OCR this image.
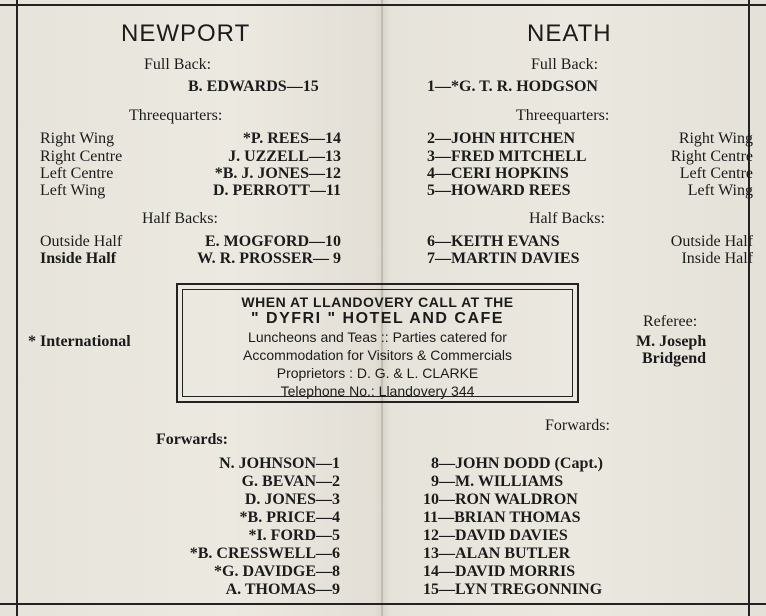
NEWPORT
Full Back:
B. EDWARDS—15
Threequarters:
Right Wing	*P. REES—14
Right Centre	J. UZZELL—13
Left Centre	*B. J. JONES—12
Left Wing	D. PERROTT—11
Half Backs:
Outside Half	E. MOGFORD—10
Inside Half	W. R. PROSSER— 9
* International
Forwards:
N. JOHNSON—1
G. BEVAN—2
D. JONES—3
*B. PRICE—4
*I. FORD—5
*B. CRESSWELL—6
*G. DAVIDGE—8
A. THOMAS—9
NEATH
Full Back:
1—*G. T. R. HODGSON
Threequarters:
2—JOHN HITCHEN	Right Wing
3—FRED MITCHELL	Right Centre
4—CERI HOPKINS	Left Centre
5—HOWARD REES	Left Wing
Half Backs:
6—KEITH EVANS	Outside Half
7—MARTIN DAVIES	Inside Half
Referee:
M. Joseph
Bridgend
Forwards:
8—JOHN DODD (Capt.)
9—M. WILLIAMS
10—RON WALDRON
11—BRIAN THOMAS
12—DAVID DAVIES
13—ALAN BUTLER
14—DAVID MORRIS
15—LYN TREGONNING
WHEN AT LLANDOVERY CALL AT THE
" DYFRI " HOTEL AND CAFE
Luncheons and Teas :: Parties catered for
Accommodation for Visitors & Commercials
Proprietors : D. G. & L. CLARKE
Telephone No.: Llandovery 344
